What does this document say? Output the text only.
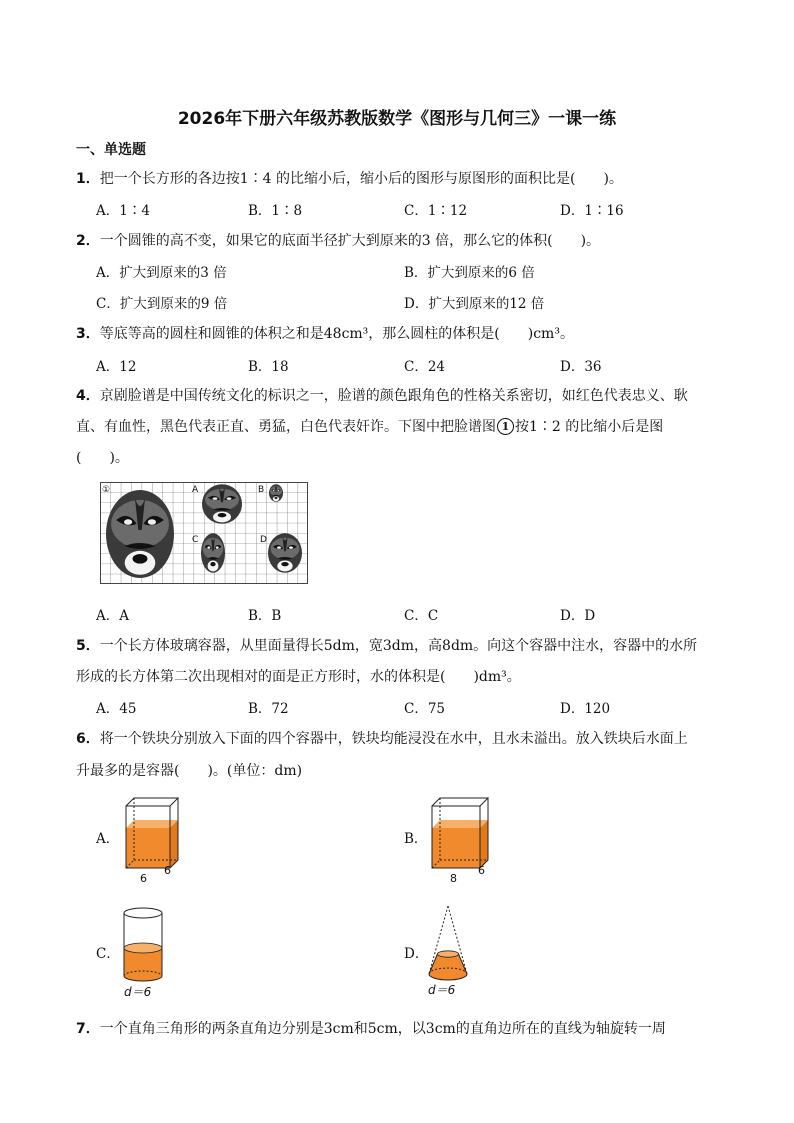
2026年下册六年级苏教版数学《图形与几何三》一课一练
一、单选题
1．把一个长方形的各边按1∶4 的比缩小后，缩小后的图形与原图形的面积比是(　　)。
A．1∶4	B．1∶8	C．1∶12	D．1∶16
2．一个圆锥的高不变，如果它的底面半径扩大到原来的3 倍，那么它的体积(　　)。
A．扩大到原来的3 倍	B．扩大到原来的6 倍
C．扩大到原来的9 倍	D．扩大到原来的12 倍
3．等底等高的圆柱和圆锥的体积之和是48cm³，那么圆柱的体积是(　　)cm³。
A．12	B．18	C．24	D．36
4．京剧脸谱是中国传统文化的标识之一，脸谱的颜色跟角色的性格关系密切，如红色代表忠义、耿
直、有血性，黑色代表正直、勇猛，白色代表奸诈。下图中把脸谱图 1 按1∶2 的比缩小后是图
(　　)。
①	A	B
C	D
A．A	B．B	C．C	D．D
5．一个长方体玻璃容器，从里面量得长5dm，宽3dm，高8dm。向这个容器中注水，容器中的水所
形成的长方体第二次出现相对的面是正方形时，水的体积是(　　)dm³。
A．45	B．72	C．75	D．120
6．将一个铁块分别放入下面的四个容器中，铁块均能浸没在水中，且水未溢出。放入铁块后水面上
升最多的是容器(　　)。(单位：dm)
A．
6
6
B．
8
6
C．
d＝6
D．
d＝6
7．一个直角三角形的两条直角边分别是3cm和5cm，以3cm的直角边所在的直线为轴旋转一周
